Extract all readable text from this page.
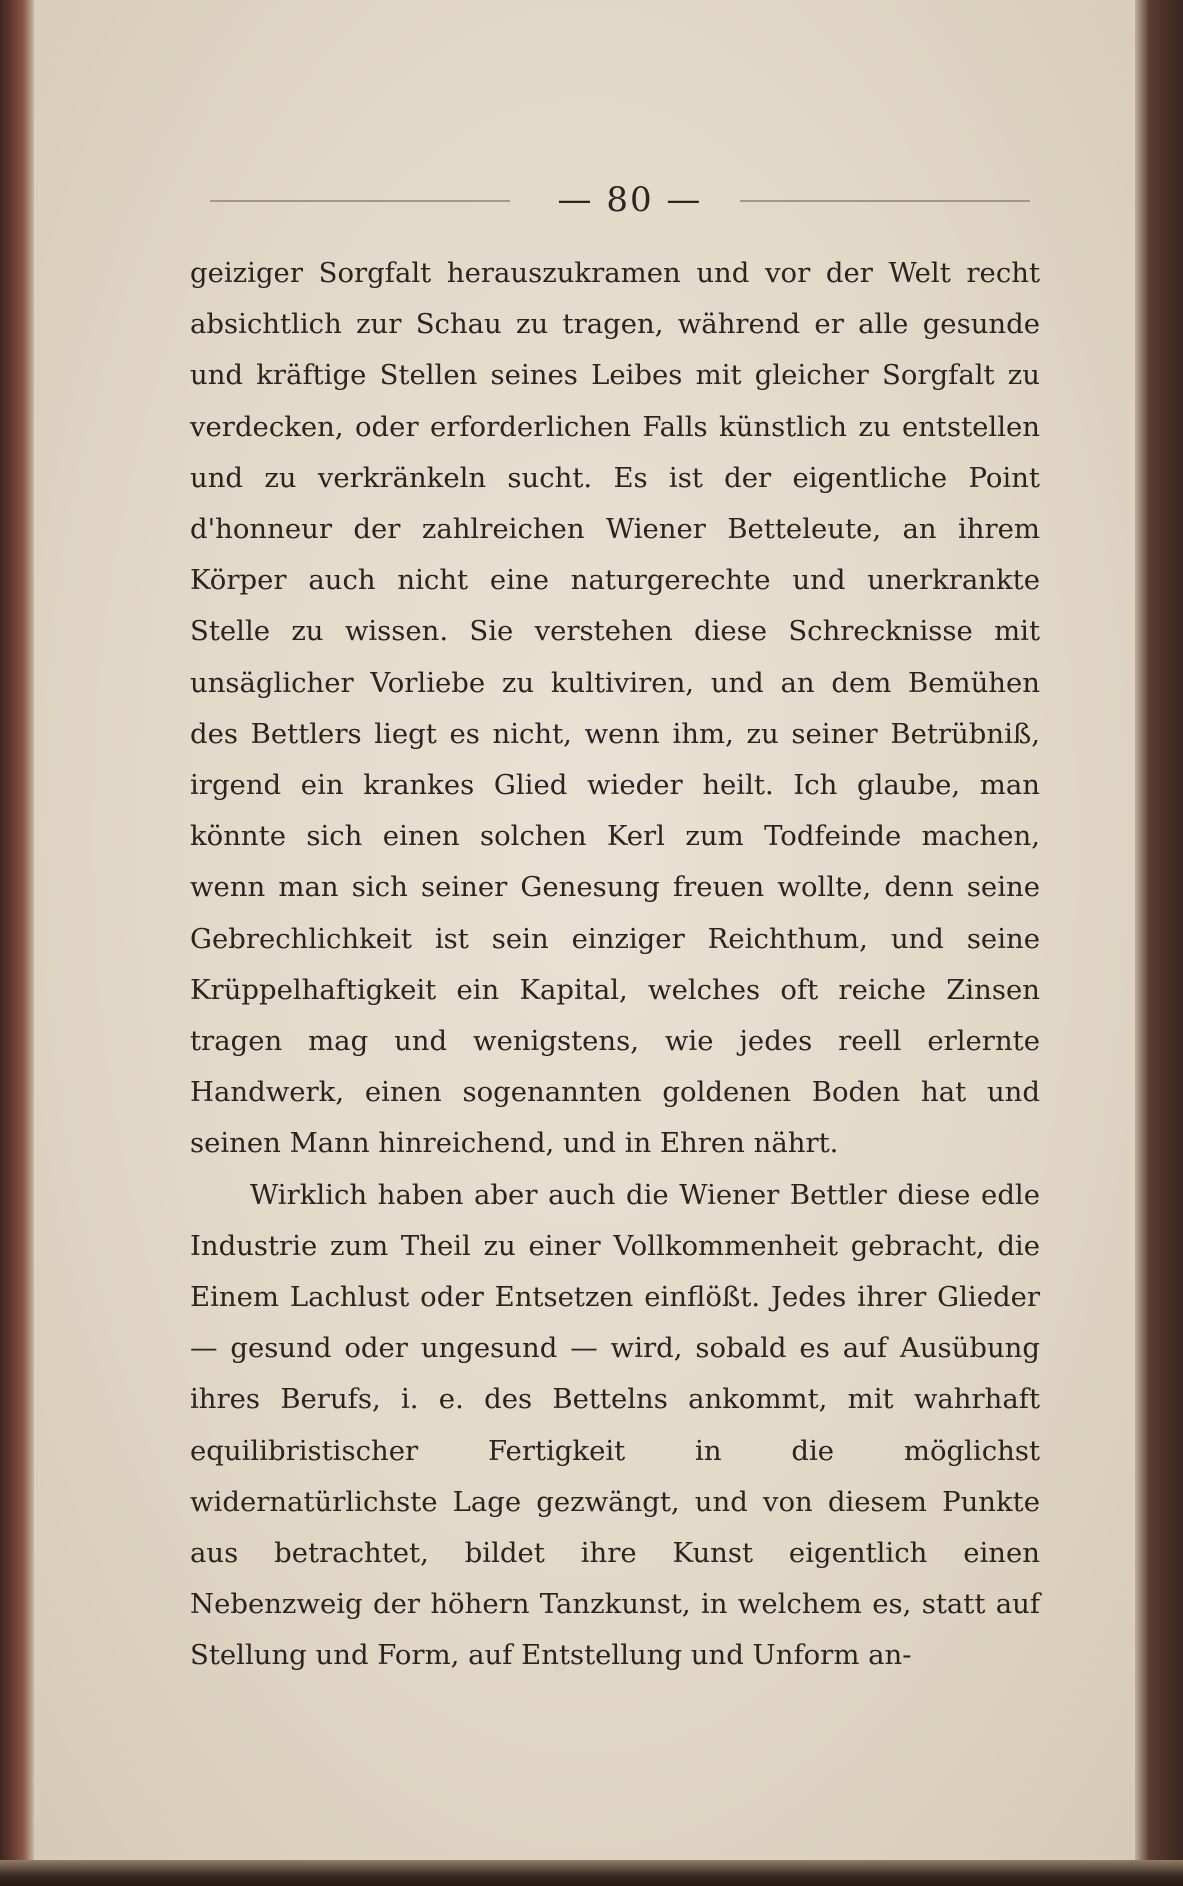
— 80 —

geiziger Sorgfalt herauszukramen und vor der Welt recht absichtlich zur Schau zu tragen, während er alle gesunde und kräftige Stellen seines Leibes mit gleicher Sorgfalt zu verdecken, oder erforderlichen Falls künstlich zu entstellen und zu verkränkeln sucht. Es ist der eigentliche Point d'honneur der zahlreichen Wiener Betteleute, an ihrem Körper auch nicht eine naturgerechte und unerkrankte Stelle zu wissen. Sie verstehen diese Schrecknisse mit unsäglicher Vorliebe zu kultiviren, und an dem Bemühen des Bettlers liegt es nicht, wenn ihm, zu seiner Betrübniß, irgend ein krankes Glied wieder heilt. Ich glaube, man könnte sich einen solchen Kerl zum Todfeinde machen, wenn man sich seiner Genesung freuen wollte, denn seine Gebrechlichkeit ist sein einziger Reichthum, und seine Krüppelhaftigkeit ein Kapital, welches oft reiche Zinsen tragen mag und wenigstens, wie jedes reell erlernte Handwerk, einen sogenannten goldenen Boden hat und seinen Mann hinreichend, und in Ehren nährt.

Wirklich haben aber auch die Wiener Bettler diese edle Industrie zum Theil zu einer Vollkommenheit gebracht, die Einem Lachlust oder Entsetzen einflößt. Jedes ihrer Glieder — gesund oder ungesund — wird, sobald es auf Ausübung ihres Berufs, i. e. des Bettelns ankommt, mit wahrhaft equilibristischer Fertigkeit in die möglichst widernatürlichste Lage gezwängt, und von diesem Punkte aus betrachtet, bildet ihre Kunst eigentlich einen Nebenzweig der höhern Tanzkunst, in welchem es, statt auf Stellung und Form, auf Entstellung und Unform an-
